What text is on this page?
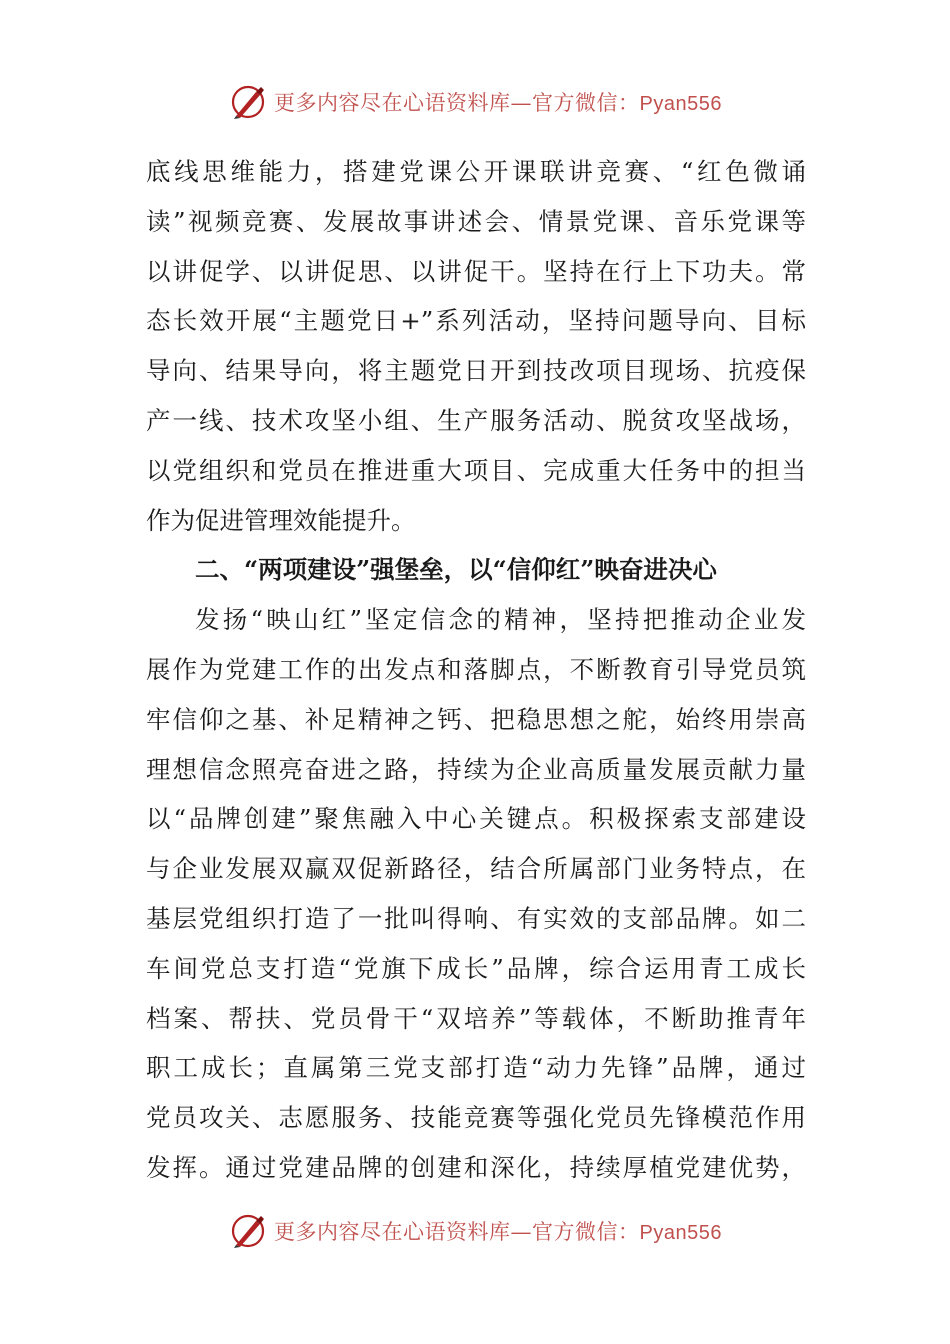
更多内容尽在心语资料库—官方微信：Pyan556
底线思维能力，搭建党课公开课联讲竞赛、“红色微诵
读”视频竞赛、发展故事讲述会、情景党课、音乐党课等
以讲促学、以讲促思、以讲促干。坚持在行上下功夫。常
态长效开展“主题党日+”系列活动，坚持问题导向、目标
导向、结果导向，将主题党日开到技改项目现场、抗疫保
产一线、技术攻坚小组、生产服务活动、脱贫攻坚战场，
以党组织和党员在推进重大项目、完成重大任务中的担当
作为促进管理效能提升。
二、“两项建设”强堡垒，以“信仰红”映奋进决心
发扬“映山红”坚定信念的精神，坚持把推动企业发
展作为党建工作的出发点和落脚点，不断教育引导党员筑
牢信仰之基、补足精神之钙、把稳思想之舵，始终用崇高
理想信念照亮奋进之路，持续为企业高质量发展贡献力量
以“品牌创建”聚焦融入中心关键点。积极探索支部建设
与企业发展双赢双促新路径，结合所属部门业务特点，在
基层党组织打造了一批叫得响、有实效的支部品牌。如二
车间党总支打造“党旗下成长”品牌，综合运用青工成长
档案、帮扶、党员骨干“双培养”等载体，不断助推青年
职工成长；直属第三党支部打造“动力先锋”品牌，通过
党员攻关、志愿服务、技能竞赛等强化党员先锋模范作用
发挥。通过党建品牌的创建和深化，持续厚植党建优势，
更多内容尽在心语资料库—官方微信：Pyan556
